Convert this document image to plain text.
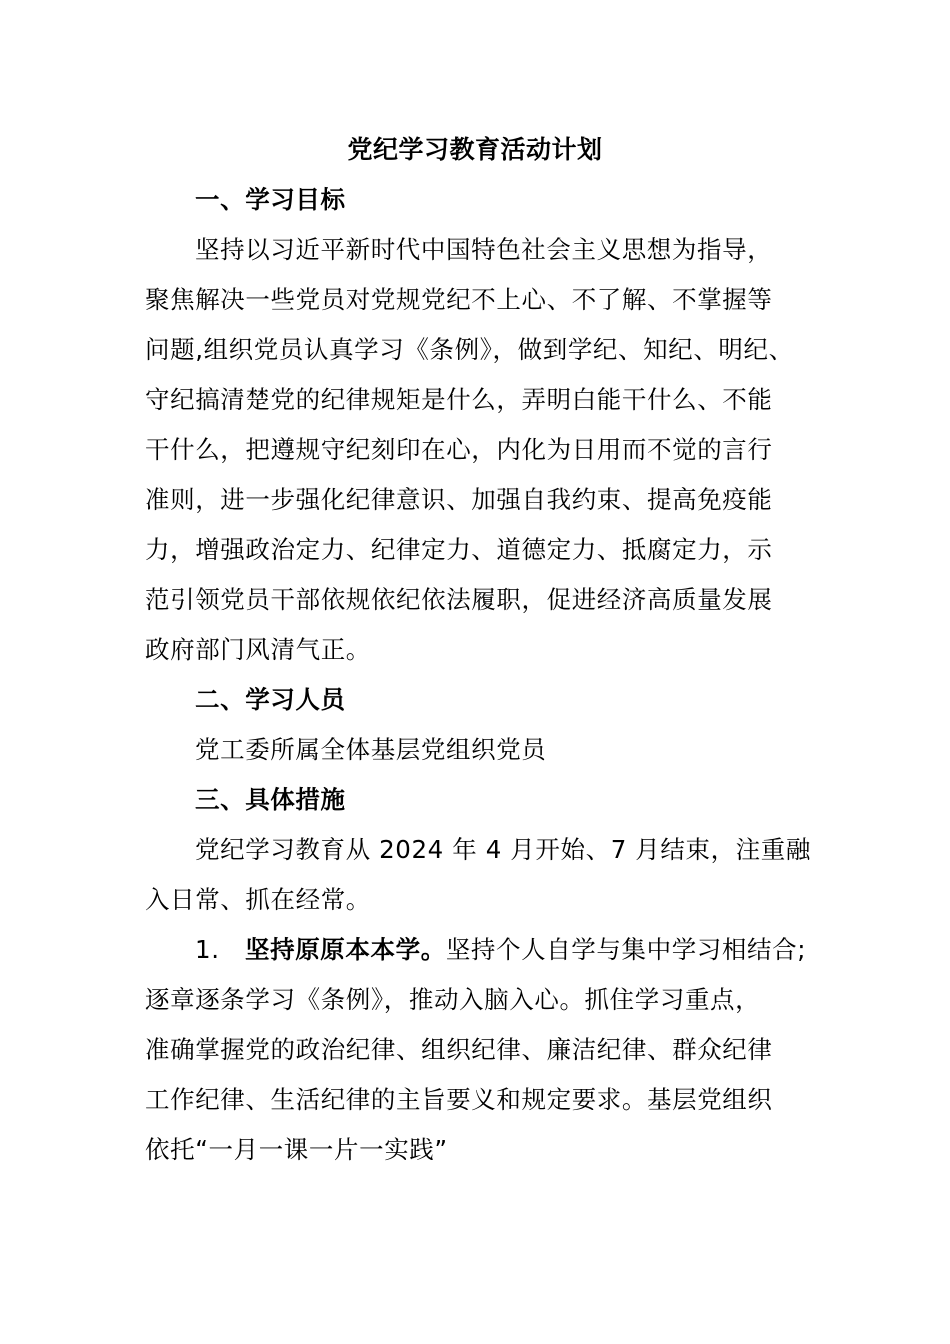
党纪学习教育活动计划
一、学习目标
坚持以习近平新时代中国特色社会主义思想为指导，
聚焦解决一些党员对党规党纪不上心、不了解、不掌握等
问题,组织党员认真学习《条例》，做到学纪、知纪、明纪、
守纪搞清楚党的纪律规矩是什么，弄明白能干什么、不能
干什么，把遵规守纪刻印在心，内化为日用而不觉的言行
准则，进一步强化纪律意识、加强自我约束、提高免疫能
力，增强政治定力、纪律定力、道德定力、抵腐定力，示
范引领党员干部依规依纪依法履职，促进经济高质量发展
政府部门风清气正。
二、学习人员
党工委所属全体基层党组织党员
三、具体措施
党纪学习教育从 2024 年 4 月开始、7 月结束，注重融
入日常、抓在经常。
1. 坚持原原本本学。坚持个人自学与集中学习相结合;
逐章逐条学习《条例》，推动入脑入心。抓住学习重点，
准确掌握党的政治纪律、组织纪律、廉洁纪律、群众纪律
工作纪律、生活纪律的主旨要义和规定要求。基层党组织
依托“一月一课一片一实践”
